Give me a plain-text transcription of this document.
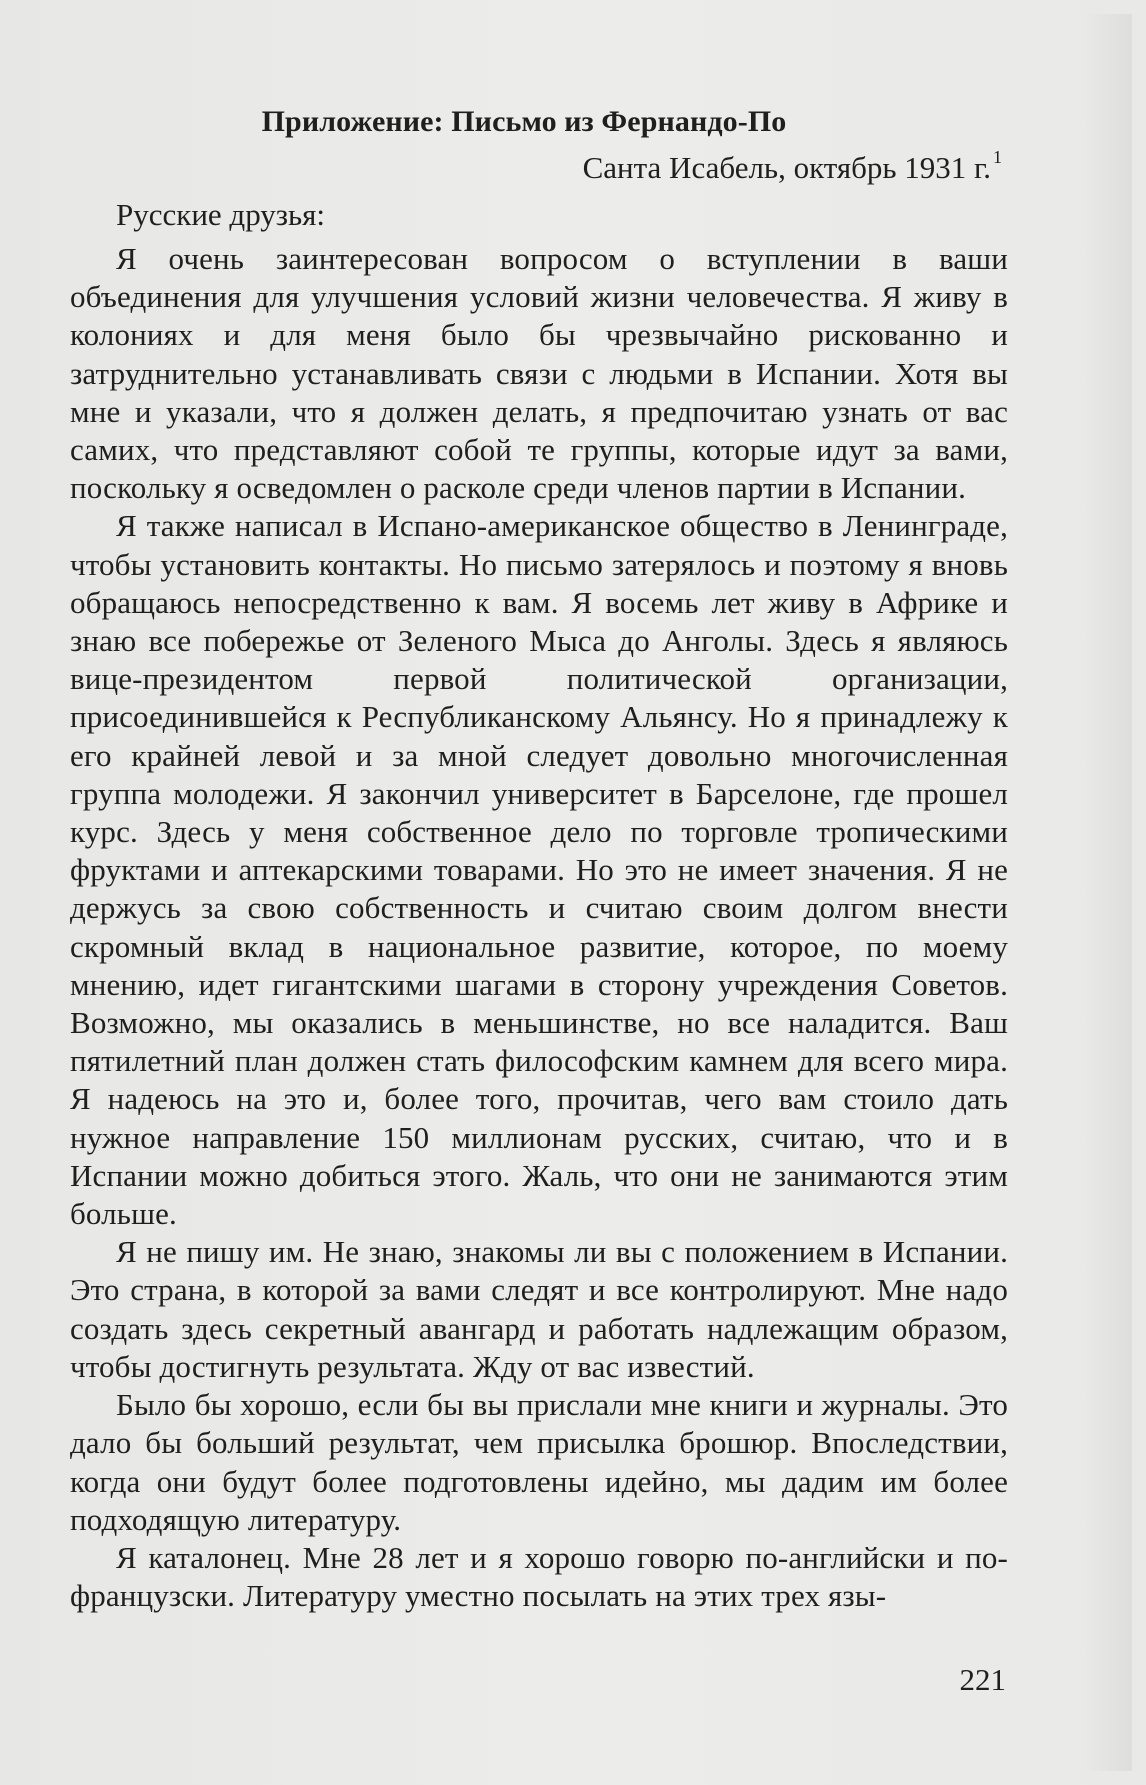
Приложение: Письмо из Фернандо-По
Санта Исабель, октябрь 1931 г. $^1$
Русские друзья:

Я очень заинтересован вопросом о вступлении в ваши объединения для улучшения условий жизни человечества. Я живу в колониях и для меня было бы чрезвычайно рискованно и затруднительно устанавливать связи с людьми в Испании. Хотя вы мне и указали, что я должен делать, я предпочитаю узнать от вас самих, что представляют собой те группы, которые идут за вами, поскольку я осведомлен о расколе среди членов партии в Испании.

Я также написал в Испано-американское общество в Ленинграде, чтобы установить контакты. Но письмо затерялось и поэтому я вновь обращаюсь непосредственно к вам. Я восемь лет живу в Африке и знаю все побережье от Зеленого Мыса до Анголы. Здесь я являюсь вице-президентом первой политической организации, присоединившейся к Республиканскому Альянсу. Но я принадлежу к его крайней левой и за мной следует довольно многочисленная группа молодежи. Я закончил университет в Барселоне, где прошел курс. Здесь у меня собственное дело по торговле тропическими фруктами и аптекарскими товарами. Но это не имеет значения. Я не держусь за свою собственность и считаю своим долгом внести скромный вклад в национальное развитие, которое, по моему мнению, идет гигантскими шагами в сторону учреждения Советов. Возможно, мы оказались в меньшинстве, но все наладится. Ваш пятилетний план должен стать философским камнем для всего мира. Я надеюсь на это и, более того, прочитав, чего вам стоило дать нужное направление 150 миллионам русских, считаю, что и в Испании можно добиться этого. Жаль, что они не занимаются этим больше.

Я не пишу им. Не знаю, знакомы ли вы с положением в Испании. Это страна, в которой за вами следят и все контролируют. Мне надо создать здесь секретный авангард и работать надлежащим образом, чтобы достигнуть результата. Жду от вас известий.

Было бы хорошо, если бы вы прислали мне книги и журналы. Это дало бы больший результат, чем присылка брошюр. Впоследствии, когда они будут более подготовлены идейно, мы дадим им более подходящую литературу.

Я каталонец. Мне 28 лет и я хорошо говорю по-английски и по-французски. Литературу уместно посылать на этих трех язы-

221
